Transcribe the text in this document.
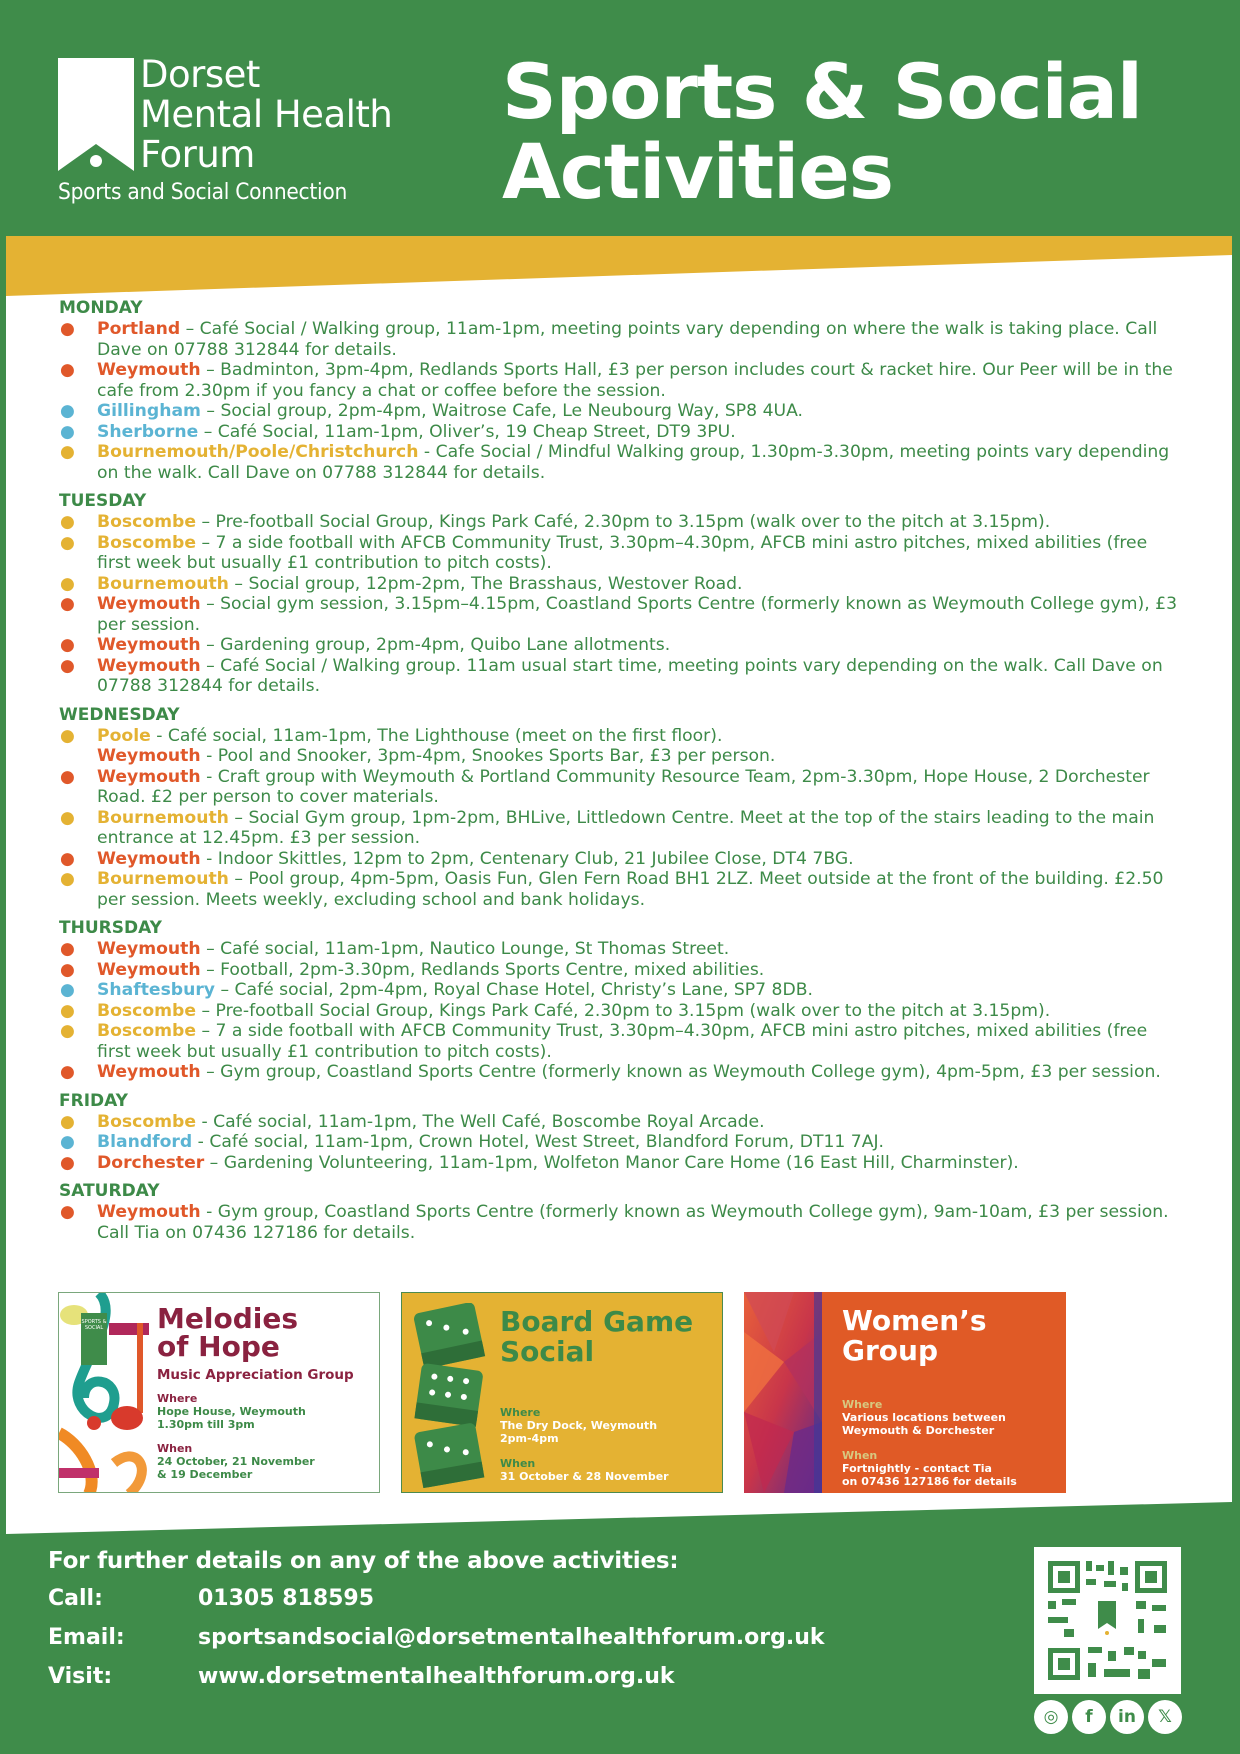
Dorset
Mental Health
Forum
Sports and Social Connection
Sports & Social
Activities
MONDAY
● Portland – Café Social / Walking group, 11am-1pm, meeting points vary depending on where the walk is taking place. Call Dave on 07788 312844 for details.
● Weymouth – Badminton, 3pm-4pm, Redlands Sports Hall, £3 per person includes court & racket hire. Our Peer will be in the cafe from 2.30pm if you fancy a chat or coffee before the session.
● Gillingham – Social group, 2pm-4pm, Waitrose Cafe, Le Neubourg Way, SP8 4UA.
● Sherborne – Café Social, 11am-1pm, Oliver’s, 19 Cheap Street, DT9 3PU.
● Bournemouth/Poole/Christchurch - Cafe Social / Mindful Walking group, 1.30pm-3.30pm, meeting points vary depending on the walk. Call Dave on 07788 312844 for details.
TUESDAY
● Boscombe – Pre-football Social Group, Kings Park Café, 2.30pm to 3.15pm (walk over to the pitch at 3.15pm).
● Boscombe – 7 a side football with AFCB Community Trust, 3.30pm–4.30pm, AFCB mini astro pitches, mixed abilities (free first week but usually £1 contribution to pitch costs).
● Bournemouth – Social group, 12pm-2pm, The Brasshaus, Westover Road.
● Weymouth – Social gym session, 3.15pm–4.15pm, Coastland Sports Centre (formerly known as Weymouth College gym), £3 per session.
● Weymouth – Gardening group, 2pm-4pm, Quibo Lane allotments.
● Weymouth – Café Social / Walking group. 11am usual start time, meeting points vary depending on the walk. Call Dave on 07788 312844 for details.
WEDNESDAY
● Poole - Café social, 11am-1pm, The Lighthouse (meet on the first floor).
Weymouth - Pool and Snooker, 3pm-4pm, Snookes Sports Bar, £3 per person.
● Weymouth - Craft group with Weymouth & Portland Community Resource Team, 2pm-3.30pm, Hope House, 2 Dorchester Road. £2 per person to cover materials.
● Bournemouth – Social Gym group, 1pm-2pm, BHLive, Littledown Centre. Meet at the top of the stairs leading to the main entrance at 12.45pm. £3 per session.
● Weymouth - Indoor Skittles, 12pm to 2pm, Centenary Club, 21 Jubilee Close, DT4 7BG.
● Bournemouth – Pool group, 4pm-5pm, Oasis Fun, Glen Fern Road BH1 2LZ. Meet outside at the front of the building. £2.50 per session. Meets weekly, excluding school and bank holidays.
THURSDAY
● Weymouth – Café social, 11am-1pm, Nautico Lounge, St Thomas Street.
● Weymouth – Football, 2pm-3.30pm, Redlands Sports Centre, mixed abilities.
● Shaftesbury – Café social, 2pm-4pm, Royal Chase Hotel, Christy’s Lane, SP7 8DB.
● Boscombe – Pre-football Social Group, Kings Park Café, 2.30pm to 3.15pm (walk over to the pitch at 3.15pm).
● Boscombe – 7 a side football with AFCB Community Trust, 3.30pm–4.30pm, AFCB mini astro pitches, mixed abilities (free first week but usually £1 contribution to pitch costs).
● Weymouth – Gym group, Coastland Sports Centre (formerly known as Weymouth College gym), 4pm-5pm, £3 per session.
FRIDAY
● Boscombe - Café social, 11am-1pm, The Well Café, Boscombe Royal Arcade.
● Blandford - Café social, 11am-1pm, Crown Hotel, West Street, Blandford Forum, DT11 7AJ.
● Dorchester – Gardening Volunteering, 11am-1pm, Wolfeton Manor Care Home (16 East Hill, Charminster).
SATURDAY
● Weymouth - Gym group, Coastland Sports Centre (formerly known as Weymouth College gym), 9am-10am, £3 per session. Call Tia on 07436 127186 for details.
SPORTS & SOCIAL Melodies
of Hope
Music Appreciation Group
Where
Hope House, Weymouth
1.30pm till 3pm
When
24 October, 21 November
& 19 December
Board Game
Social
Where
The Dry Dock, Weymouth
2pm-4pm
When
31 October & 28 November
Women’s
Group
Where
Various locations between
Weymouth & Dorchester
When
Fortnightly - contact Tia
on 07436 127186 for details
For further details on any of the above activities:
Call:	01305 818595
Email:	sportsandsocial@dorsetmentalhealthforum.org.uk
Visit:	www.dorsetmentalhealthforum.org.uk
◎	f	in	𝕏
